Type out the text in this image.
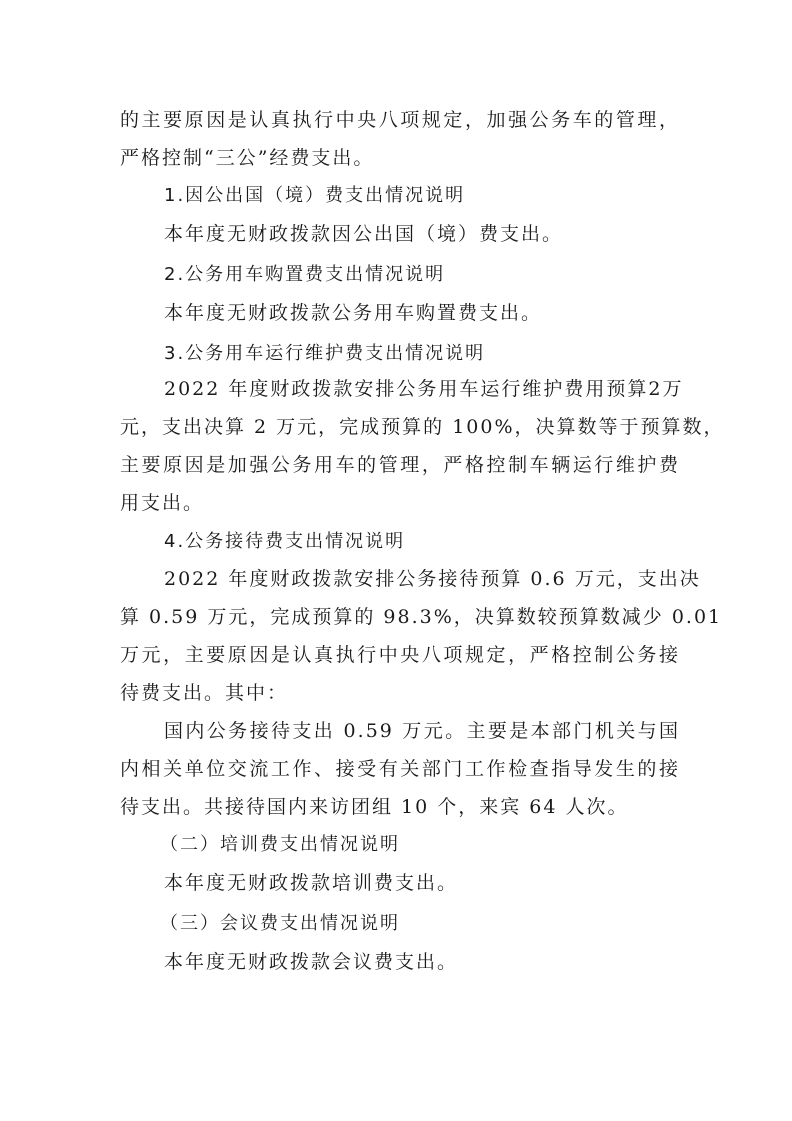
的主要原因是认真执行中央八项规定，加强公务车的管理，
严格控制“三公”经费支出。
1.因公出国（境）费支出情况说明
本年度无财政拨款因公出国（境）费支出。
2.公务用车购置费支出情况说明
本年度无财政拨款公务用车购置费支出。
3.公务用车运行维护费支出情况说明
2022 年度财政拨款安排公务用车运行维护费用预算2万
元，支出决算 2 万元，完成预算的 100%，决算数等于预算数，
主要原因是加强公务用车的管理，严格控制车辆运行维护费
用支出。
4.公务接待费支出情况说明
2022 年度财政拨款安排公务接待预算 0.6 万元，支出决
算 0.59 万元，完成预算的 98.3%，决算数较预算数减少 0.01
万元，主要原因是认真执行中央八项规定，严格控制公务接
待费支出。其中：
国内公务接待支出 0.59 万元。主要是本部门机关与国
内相关单位交流工作、接受有关部门工作检查指导发生的接
待支出。共接待国内来访团组 10 个，来宾 64 人次。
（二）培训费支出情况说明
本年度无财政拨款培训费支出。
（三）会议费支出情况说明
本年度无财政拨款会议费支出。
